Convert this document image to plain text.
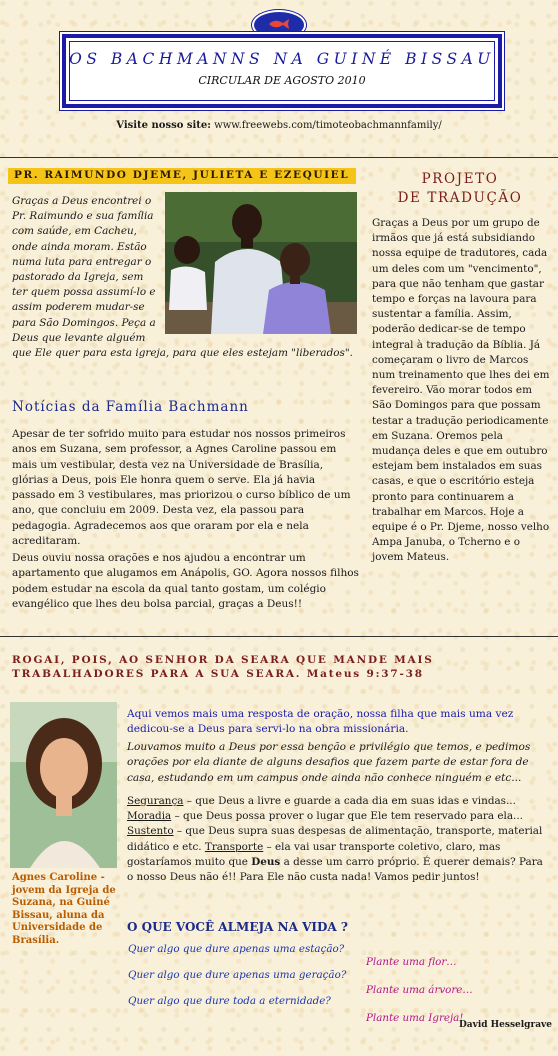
OS BACHMANNS NA GUINÉ BISSAU
CIRCULAR DE AGOSTO 2010
Visite nosso site: www.freewebs.com/timoteobachmannfamily/
PR. RAIMUNDO DJEME, JULIETA E EZEQUIEL
Graças a Deus encontrei o Pr. Raimundo e sua família com saúde, em Cacheu, onde ainda moram. Estão numa luta para entregar o pastorado da Igreja, sem ter quem possa assumí-lo e assim poderem mudar-se para São Domingos. Peça a Deus que levante alguém que Ele quer para esta igreja, para que eles estejam "liberados".
Notícias da Família Bachmann
Apesar de ter sofrido muito para estudar nos nossos primeiros anos em Suzana, sem professor, a Agnes Caroline passou em mais um vestibular, desta vez na Universidade de Brasília, glórias a Deus, pois Ele honra quem o serve. Ela já havia passado em 3 vestibulares, mas priorizou o curso bíblico de um ano, que concluiu em 2009. Desta vez, ela passou para pedagogia. Agradecemos aos que oraram por ela e nela acreditaram.
Deus ouviu nossa orações e nos ajudou a encontrar um apartamento que alugamos em Anápolis, GO. Agora nossos filhos podem estudar na escola da qual tanto gostam, um colégio evangélico que lhes deu bolsa parcial, graças a Deus!!
PROJETO
DE TRADUÇÃO
Graças a Deus por um grupo de irmãos que já está subsidiando nossa equipe de tradutores, cada um deles com um "vencimento", para que não tenham que gastar tempo e forças na lavoura para sustentar a família. Assim, poderão dedicar-se de tempo integral à tradução da Bíblia. Já começaram o livro de Marcos num treinamento que lhes dei em fevereiro. Vão morar todos em São Domingos para que possam testar a tradução periodicamente em Suzana. Oremos pela mudança deles e que em outubro estejam bem instalados em suas casas, e que o escritório esteja pronto para continuarem a trabalhar em Marcos. Hoje a equipe é o Pr. Djeme, nosso velho Ampa Januba, o Tcherno e o jovem Mateus.
ROGAI, POIS, AO SENHOR DA SEARA QUE MANDE MAIS TRABALHADORES PARA A SUA SEARA. Mateus 9:37-38
Agnes Caroline - jovem da Igreja de Suzana, na Guiné Bissau, aluna da Universidade de Brasília.
Aqui vemos mais uma resposta de oração, nossa filha que mais uma vez dedicou-se a Deus para servi-lo na obra missionária.
Louvamos muito a Deus por essa benção e privilégio que temos, e pedimos orações por ela diante de alguns desafios que fazem parte de estar fora de casa, estudando em um campus onde ainda não conhece ninguém e etc...
Segurança – que Deus a livre e guarde a cada dia em suas idas e vindas...
Moradia – que Deus possa prover o lugar que Ele tem reservado para ela...
Sustento – que Deus supra suas despesas de alimentação, transporte, material didático e etc. Transporte – ela vai usar transporte coletivo, claro, mas gostaríamos muito que Deus a desse um carro próprio. É querer demais? Para o nosso Deus não é!! Para Ele não custa nada! Vamos pedir juntos!
O QUE VOCÊ ALMEJA NA VIDA ?
Quer algo que dure apenas uma estação?
Quer algo que dure apenas uma geração?
Quer algo que dure toda a eternidade?
Plante uma flor…
Plante uma árvore…
Plante uma Igreja!
David Hesselgrave
